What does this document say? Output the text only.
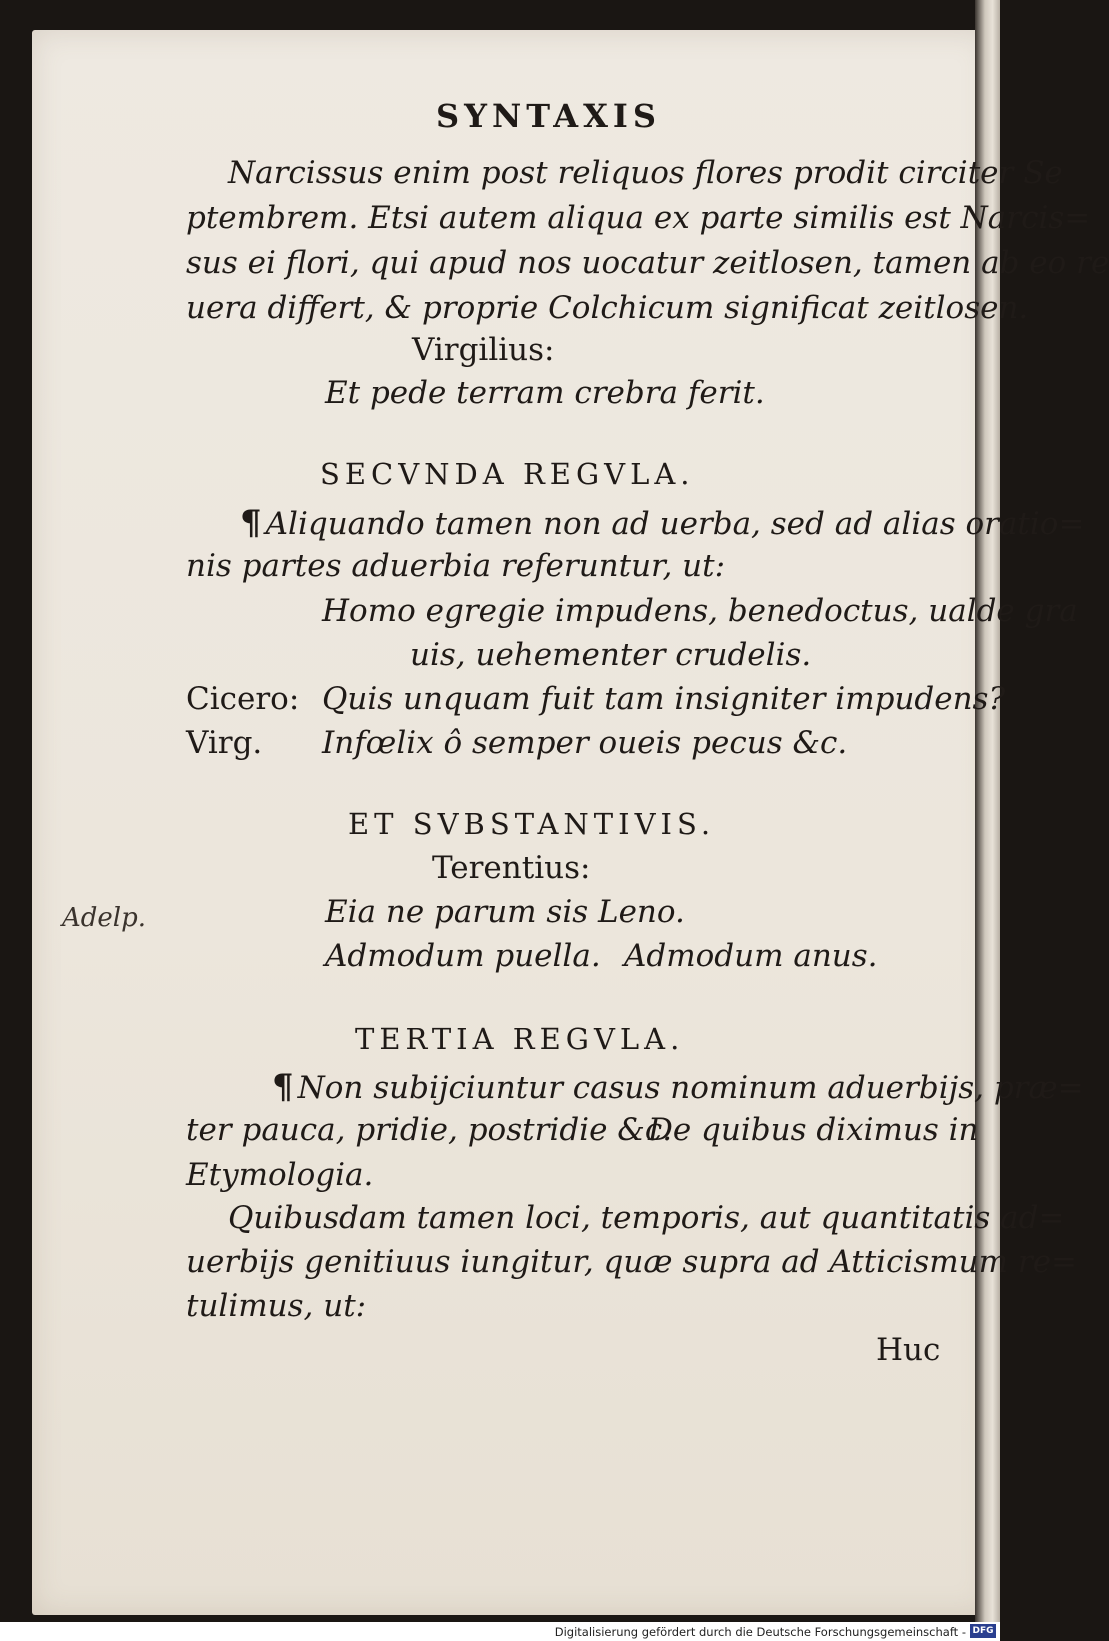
SYNTAXIS
Narcissus enim post reliquos flores prodit circiter Se
ptembrem. Etsi autem aliqua ex parte similis est Narcis=
sus ei flori, qui apud nos uocatur zeitlosen, tamen ab eo re
uera differt, & proprie Colchicum significat zeitlosen.
Virgilius:
Et pede terram crebra ferit.
SECVNDA REGVLA.
¶ Aliquando tamen non ad uerba, sed ad alias oratio=
nis partes aduerbia referuntur, ut:
Homo egregie impudens, benedoctus, ualde gra
uis, uehementer crudelis.
Cicero: Quis unquam fuit tam insigniter impudens?
Virg. Infœlix ô semper oueis pecus &c.
ET SVBSTANTIVIS.
Terentius:
Adelp.	Eia ne parum sis Leno.
Admodum puella. Admodum anus.
TERTIA REGVLA.
¶ Non subijciuntur casus nominum aduerbijs, præ=
ter pauca, pridie, postridie &c.
De quibus diximus in
Etymologia.
Quibusdam tamen loci, temporis, aut quantitatis ad=
uerbijs genitiuus iungitur, quæ supra ad Atticismum re=
tulimus, ut:
Huc
Digitalisierung gefördert durch die Deutsche Forschungsgemeinschaft - DFG
